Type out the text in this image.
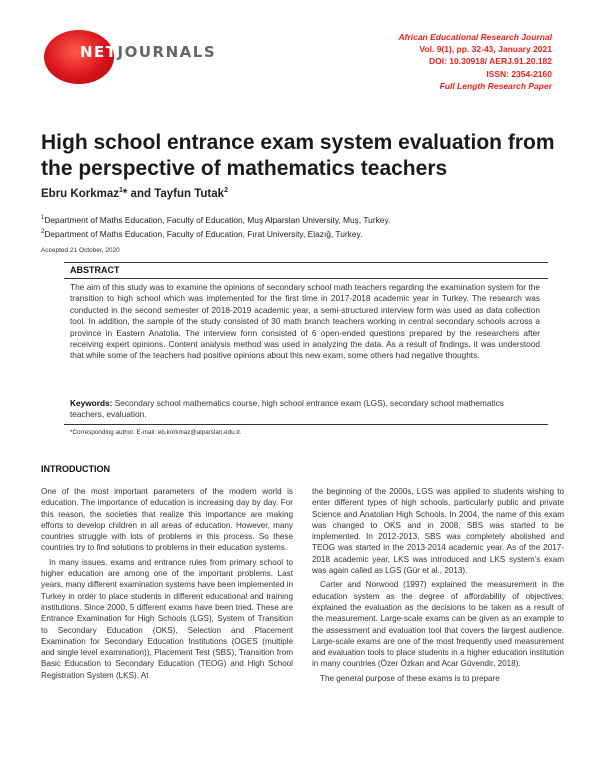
NETJOURNALS
African Educational Research Journal
Vol. 9(1), pp. 32-43, January 2021
DOI: 10.30918/ AERJ.91.20.182
ISSN: 2354-2160
Full Length Research Paper
High school entrance exam system evaluation from the perspective of mathematics teachers
Ebru Korkmaz$^1$* and Tayfun Tutak$^2$
$^1$Department of Maths Education, Faculty of Education, Muş Alparslan University, Muş, Turkey.
$^2$Department of Maths Education, Faculty of Education, Fırat University, Elazığ, Turkey.
Accepted 21 October, 2020
ABSTRACT
The aim of this study was to examine the opinions of secondary school math teachers regarding the examination system for the transition to high school which was implemented for the first time in 2017-2018 academic year in Turkey. The research was conducted in the second semester of 2018-2019 academic year, a semi-structured interview form was used as data collection tool. In addition, the sample of the study consisted of 30 math branch teachers working in central secondary schools across a province in Eastern Anatolia. The interview form consisted of 6 open-ended questions prepared by the researchers after receiving expert opinions. Content analysis method was used in analyzing the data. As a result of findings, it was understood that while some of the teachers had positive opinions about this new exam, some others had negative thoughts.
Keywords: Secondary school mathematics course, high school entrance exam (LGS), secondary school mathematics teachers, evaluation.
*Corresponding author. E-mail: eb.korkmaz@alparslan.edu.tr.
INTRODUCTION

One of the most important parameters of the modern world is education. The importance of education is increasing day by day. For this reason, the societies that realize this importance are making efforts to develop children in all areas of education. However, many countries struggle with lots of problems in this process. So these countries try to find solutions to problems in their education systems.

In many issues, exams and entrance rules from primary school to higher education are among one of the important problems. Last years, many different examination systems have been implemented in Turkey in order to place students in different educational and training institutions. Since 2000, 5 different exams have been tried. These are Entrance Examination for High Schools (LGS), System of Transition to Secondary Education (OKS), Selection and Placement Examination for Secondary Education Institutions (OGES (multiple and single level examination)), Placement Test (SBS), Transition from Basic Education to Secondary Education (TEOG) and High School Registration System (LKS). At

the beginning of the 2000s, LGS was applied to students wishing to enter different types of high schools, particularly public and private Science and Anatolian High Schools. In 2004, the name of this exam was changed to OKS and in 2008, SBS was started to be implemented. In 2012-2013, SBS was completely abolished and TEOG was started in the 2013-2014 academic year. As of the 2017-2018 academic year, LKS was introduced and LKS system’s exam was again called as LGS (Gür et al., 2013).

Carter and Norwood (1997) explained the measurement in the education system as the degree of affordability of objectives; explained the evaluation as the decisions to be taken as a result of the measurement. Large-scale exams can be given as an example to the assessment and evaluation tool that covers the largest audience. Large-scale exams are one of the most frequently used measurement and evaluation tools to place students in a higher education institution in many countries (Özer Özkan and Acar Güvendir, 2018).

The general purpose of these exams is to prepare
